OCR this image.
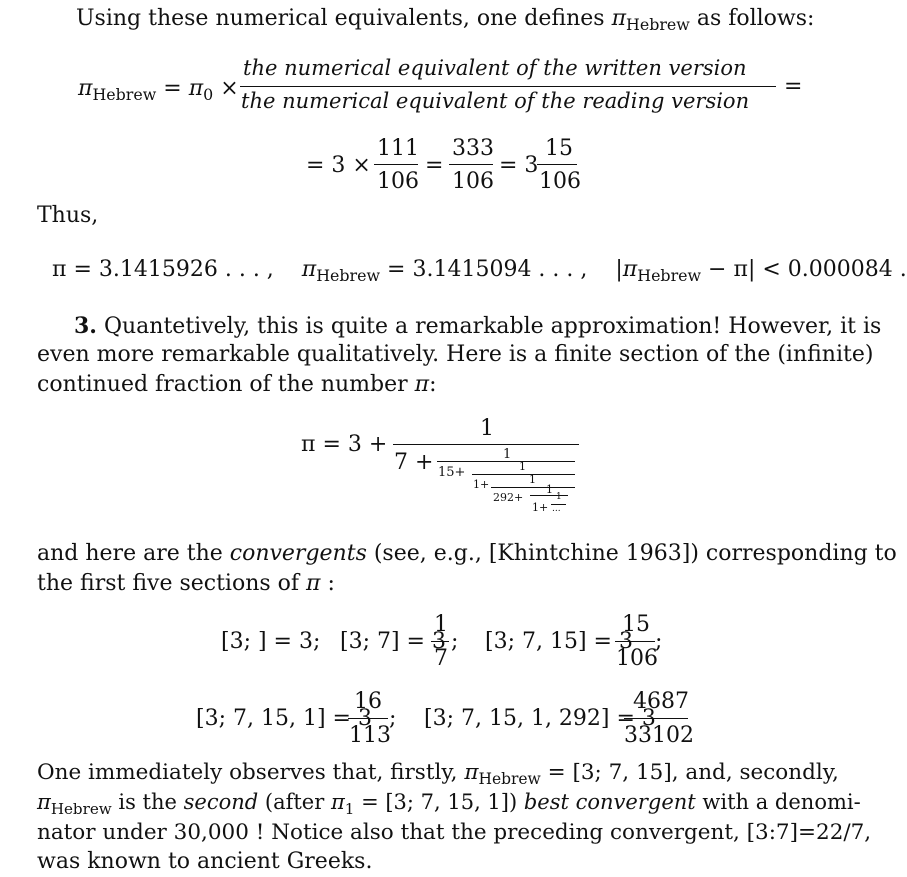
Using these numerical equivalents, one defines $\pi_{Hebrew}$ as follows:
$\pi_{Hebrew} = \pi_0$ ×
the numerical equivalent of the written version
the numerical equivalent of the reading version
=
= 3 ×
111
106
=
333
106
= 3
15
106
Thus,
π = 3.1415926 . . . , $\pi_{Hebrew} = 3.1415094$ . . . , $|\pi_{Hebrew} - \pi| < 0.000084$ .
3. Quantetively, this is quite a remarkable approximation! However, it is
even more remarkable qualitatively. Here is a finite section of the (infinite)
continued fraction of the number π:
π = 3 +
1
7 +	1
15+	1
1+	1
292+
1
1+
1
...
and here are the convergents (see, e.g., [Khintchine 1963]) corresponding to
the first five sections of π :
[3; ] = 3; [3; 7] = 3
1
7
; [3; 7, 15] = 3
15
106
;
[3; 7, 15, 1] = 3
16
113
; [3; 7, 15, 1, 292] = 3
4687
33102
One immediately observes that, firstly, $\pi_{Hebrew} = [3$; 7, 15], and, secondly,
$\pi_{Hebrew}$ is the second (after $\pi_1 = [3$; 7, 15, 1]) best convergent with a denomi-
nator under 30,000 ! Notice also that the preceding convergent, [3:7]=22/7,
was known to ancient Greeks.
